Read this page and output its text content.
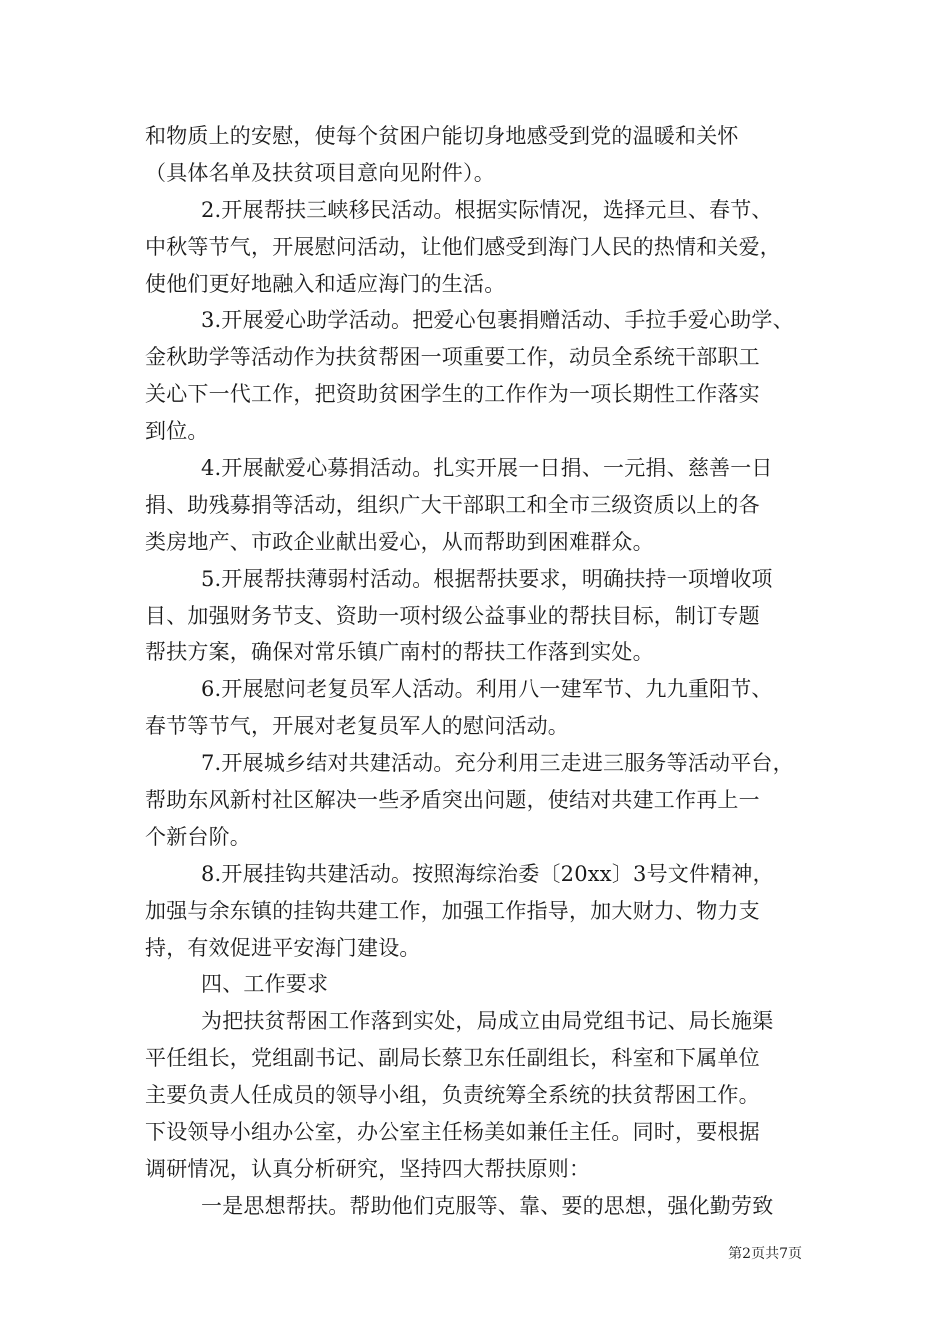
和物质上的安慰，使每个贫困户能切身地感受到党的温暖和关怀
（具体名单及扶贫项目意向见附件）。
2.开展帮扶三峡移民活动。根据实际情况，选择元旦、春节、
中秋等节气，开展慰问活动，让他们感受到海门人民的热情和关爱，
使他们更好地融入和适应海门的生活。
3.开展爱心助学活动。把爱心包裹捐赠活动、手拉手爱心助学、
金秋助学等活动作为扶贫帮困一项重要工作，动员全系统干部职工
关心下一代工作，把资助贫困学生的工作作为一项长期性工作落实
到位。
4.开展献爱心募捐活动。扎实开展一日捐、一元捐、慈善一日
捐、助残募捐等活动，组织广大干部职工和全市三级资质以上的各
类房地产、市政企业献出爱心，从而帮助到困难群众。
5.开展帮扶薄弱村活动。根据帮扶要求，明确扶持一项增收项
目、加强财务节支、资助一项村级公益事业的帮扶目标，制订专题
帮扶方案，确保对常乐镇广南村的帮扶工作落到实处。
6.开展慰问老复员军人活动。利用八一建军节、九九重阳节、
春节等节气，开展对老复员军人的慰问活动。
7.开展城乡结对共建活动。充分利用三走进三服务等活动平台，
帮助东风新村社区解决一些矛盾突出问题，使结对共建工作再上一
个新台阶。
8.开展挂钩共建活动。按照海综治委〔20xx〕3号文件精神，
加强与余东镇的挂钩共建工作，加强工作指导，加大财力、物力支
持，有效促进平安海门建设。
四、工作要求
为把扶贫帮困工作落到实处，局成立由局党组书记、局长施渠
平任组长，党组副书记、副局长蔡卫东任副组长，科室和下属单位
主要负责人任成员的领导小组，负责统筹全系统的扶贫帮困工作。
下设领导小组办公室，办公室主任杨美如兼任主任。同时，要根据
调研情况，认真分析研究，坚持四大帮扶原则：
一是思想帮扶。帮助他们克服等、靠、要的思想，强化勤劳致
第2页共7页
